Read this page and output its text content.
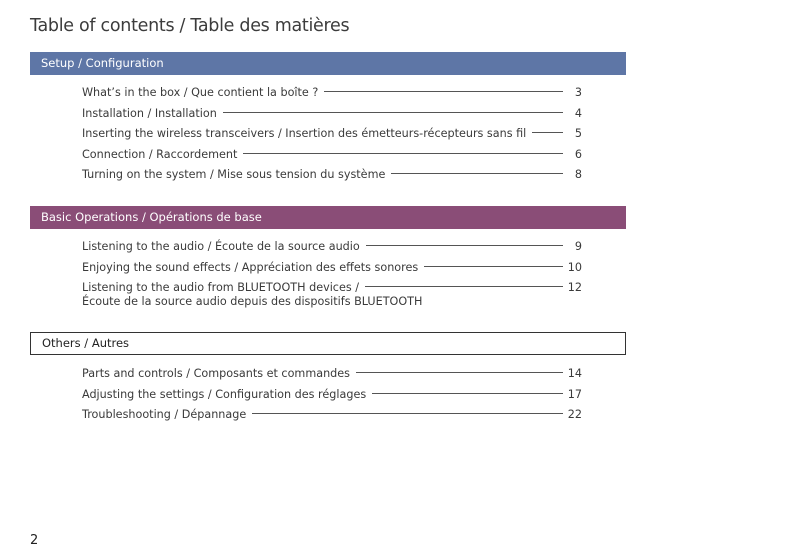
Table of contents / Table des matières
Setup / Configuration
What’s in the box / Que contient la boîte ?	3
Installation / Installation	4
Inserting the wireless transceivers / Insertion des émetteurs-récepteurs sans fil	5
Connection / Raccordement	6
Turning on the system / Mise sous tension du système	8
Basic Operations / Opérations de base
Listening to the audio / Écoute de la source audio	9
Enjoying the sound effects / Appréciation des effets sonores	10
Listening to the audio from BLUETOOTH devices /	12
Écoute de la source audio depuis des dispositifs BLUETOOTH
Others / Autres
Parts and controls / Composants et commandes	14
Adjusting the settings / Configuration des réglages	17
Troubleshooting / Dépannage	22
2
